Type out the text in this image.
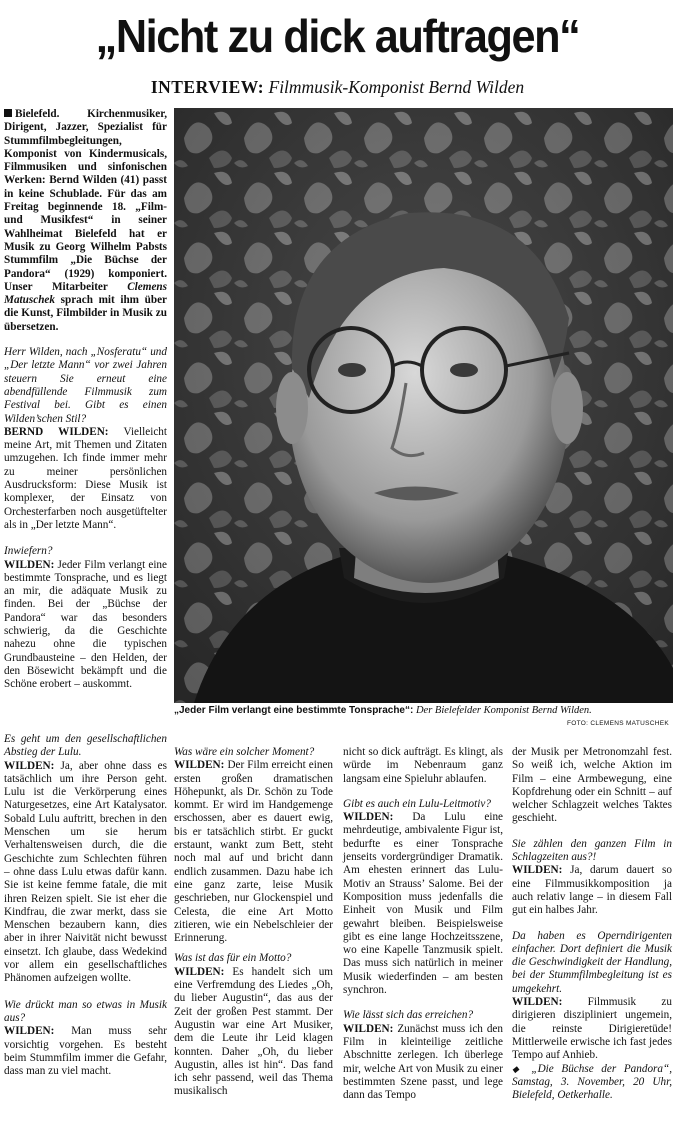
„Nicht zu dick auftragen“
INTERVIEW: Filmmusik-Komponist Bernd Wilden

Bielefeld. Kirchenmusiker, Dirigent, Jazzer, Spezialist für Stummfilmbegleitungen, Komponist von Kindermusicals, Filmmusiken und sinfonischen Werken: Bernd Wilden (41) passt in keine Schublade. Für das am Freitag beginnende 18. „Film- und Musikfest“ in seiner Wahlheimat Bielefeld hat er Musik zu Georg Wilhelm Pabsts Stummfilm „Die Büchse der Pandora“ (1929) komponiert. Unser Mitarbeiter Clemens Matuschek sprach mit ihm über die Kunst, Filmbilder in Musik zu übersetzen.

Herr Wilden, nach „Nosferatu“ und „Der letzte Mann“ vor zwei Jahren steuern Sie erneut eine abendfüllende Filmmusik zum Festival bei. Gibt es einen Wilden’schen Stil?

BERND WILDEN: Vielleicht meine Art, mit Themen und Zitaten umzugehen. Ich finde immer mehr zu meiner persönlichen Ausdrucksform: Diese Musik ist komplexer, der Einsatz von Orchesterfarben noch ausgetüftelter als in „Der letzte Mann“.

Inwiefern?

WILDEN: Jeder Film verlangt eine bestimmte Tonsprache, und es liegt an mir, die adäquate Musik zu finden. Bei der „Büchse der Pandora“ war das besonders schwierig, da die Geschichte nahezu ohne die typischen Grundbausteine – den Helden, der den Bösewicht bekämpft und die Schöne erobert – auskommt.

Es geht um den gesellschaftlichen Abstieg der Lulu.

WILDEN: Ja, aber ohne dass es tatsächlich um ihre Person geht. Lulu ist die Verkörperung eines Naturgesetzes, eine Art Katalysator. Sobald Lulu auftritt, brechen in den Menschen um sie herum Verhaltensweisen durch, die die Geschichte zum Schlechten führen – ohne dass Lulu etwas dafür kann. Sie ist keine femme fatale, die mit ihren Reizen spielt. Sie ist eher die Kindfrau, die zwar merkt, dass sie Menschen bezaubern kann, dies aber in ihrer Naivität nicht bewusst einsetzt. Ich glaube, dass Wedekind vor allem ein gesellschaftliches Phänomen aufzeigen wollte.

Wie drückt man so etwas in Musik aus?

WILDEN: Man muss sehr vorsichtig vorgehen. Es besteht beim Stummfilm immer die Gefahr, dass man zu viel macht.

„Jeder Film verlangt eine bestimmte Tonsprache“: Der Bielefelder Komponist Bernd Wilden.
FOTO: CLEMENS MATUSCHEK

Was wäre ein solcher Moment?

WILDEN: Der Film erreicht einen ersten großen dramatischen Höhepunkt, als Dr. Schön zu Tode kommt. Er wird im Handgemenge erschossen, aber es dauert ewig, bis er tatsächlich stirbt. Er guckt erstaunt, wankt zum Bett, steht noch mal auf und bricht dann endlich zusammen. Dazu habe ich eine ganz zarte, leise Musik geschrieben, nur Glockenspiel und Celesta, die eine Art Motto zitieren, wie ein Nebelschleier der Erinnerung.

Was ist das für ein Motto?

WILDEN: Es handelt sich um eine Verfremdung des Liedes „Oh, du lieber Augustin“, das aus der Zeit der großen Pest stammt. Der Augustin war eine Art Musiker, dem die Leute ihr Leid klagen konnten. Daher „Oh, du lieber Augustin, alles ist hin“. Das fand ich sehr passend, weil das Thema musikalisch

nicht so dick aufträgt. Es klingt, als würde im Nebenraum ganz langsam eine Spieluhr ablaufen.

Gibt es auch ein Lulu-Leitmotiv?

WILDEN: Da Lulu eine mehrdeutige, ambivalente Figur ist, bedurfte es einer Tonsprache jenseits vordergründiger Dramatik. Am ehesten erinnert das Lulu-Motiv an Strauss’ Salome. Bei der Komposition muss jedenfalls die Einheit von Musik und Film gewahrt bleiben. Beispielsweise gibt es eine lange Hochzeitsszene, wo eine Kapelle Tanzmusik spielt. Das muss sich natürlich in meiner Musik wiederfinden – am besten synchron.

Wie lässt sich das erreichen?

WILDEN: Zunächst muss ich den Film in kleinteilige zeitliche Abschnitte zerlegen. Ich überlege mir, welche Art von Musik zu einer bestimmten Szene passt, und lege dann das Tempo

der Musik per Metronomzahl fest. So weiß ich, welche Aktion im Film – eine Armbewegung, eine Kopfdrehung oder ein Schnitt – auf welcher Schlagzeit welches Taktes geschieht.

Sie zählen den ganzen Film in Schlagzeiten aus?!

WILDEN: Ja, darum dauert so eine Filmmusikkomposition ja auch relativ lange – in diesem Fall gut ein halbes Jahr.

Da haben es Operndirigenten einfacher. Dort definiert die Musik die Geschwindigkeit der Handlung, bei der Stummfilmbegleitung ist es umgekehrt.

WILDEN: Filmmusik zu dirigieren diszipliniert ungemein, die reinste Dirigieretüde! Mittlerweile erwische ich fast jedes Tempo auf Anhieb.

◆ „Die Büchse der Pandora“, Samstag, 3. November, 20 Uhr, Bielefeld, Oetkerhalle.
